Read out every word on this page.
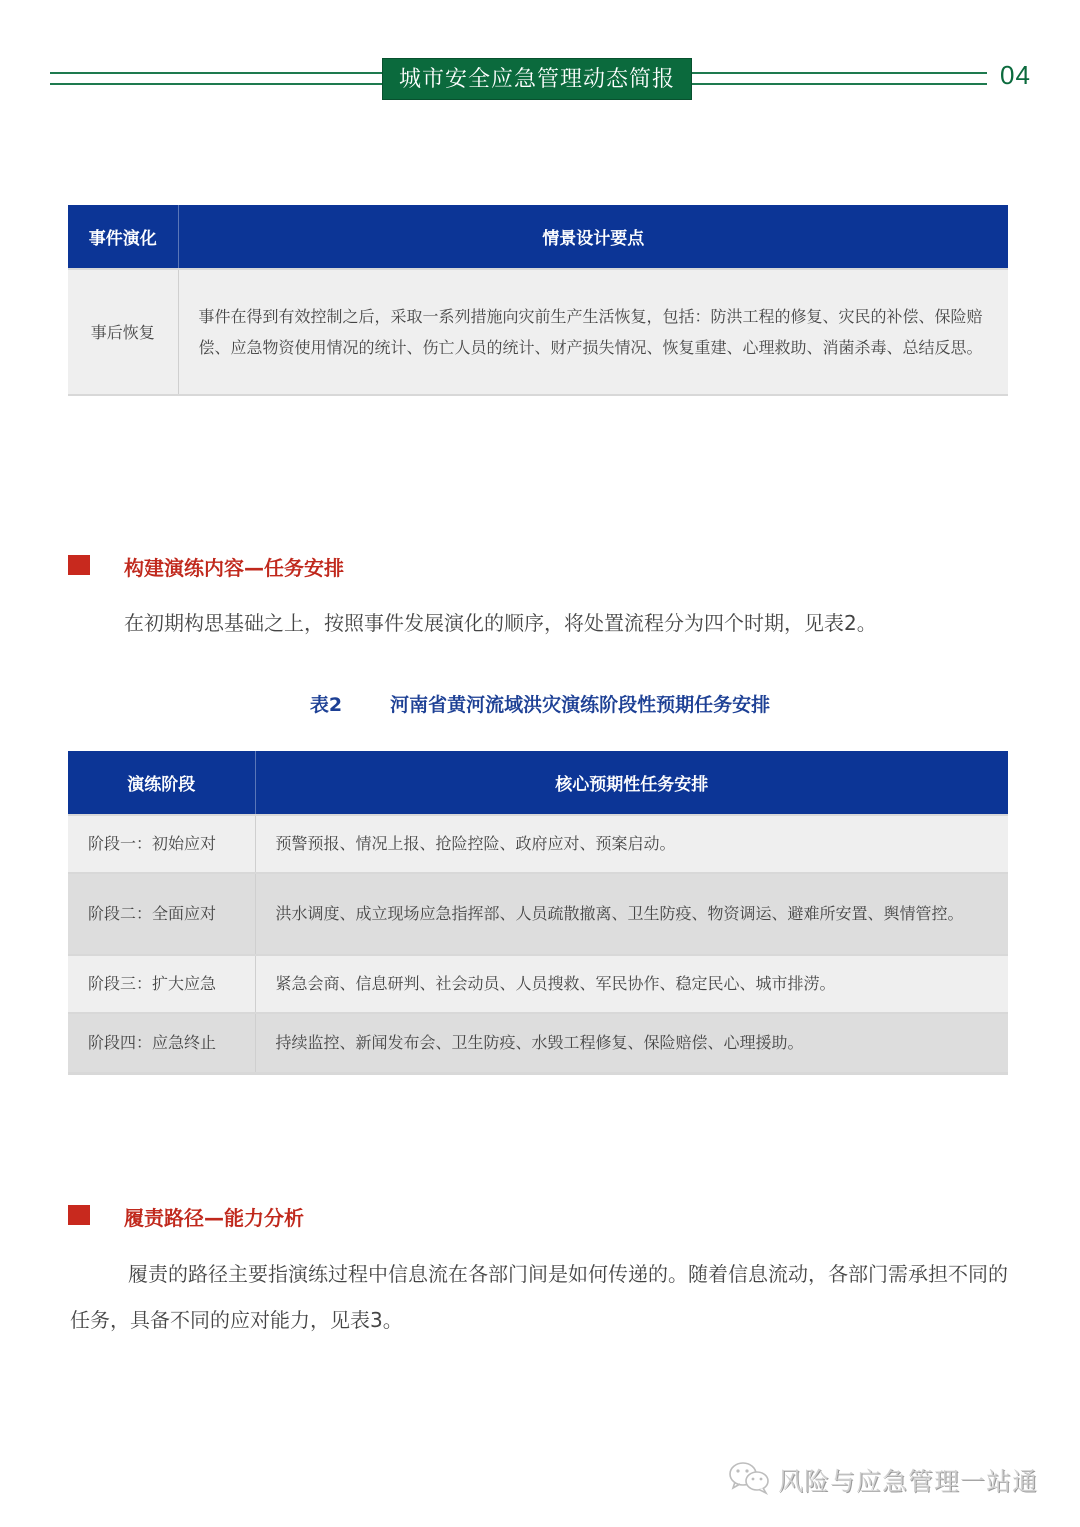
城市安全应急管理动态简报	04
事件演化	情景设计要点
事后恢复	事件在得到有效控制之后，采取一系列措施向灾前生产生活恢复，包括：防洪工程的修复、灾民的补偿、保险赔偿、应急物资使用情况的统计、伤亡人员的统计、财产损失情况、恢复重建、心理救助、消菌杀毒、总结反思。
构建演练内容—任务安排
在初期构思基础之上，按照事件发展演化的顺序，将处置流程分为四个时期，见表2。
表2	河南省黄河流域洪灾演练阶段性预期任务安排
演练阶段	核心预期性任务安排
阶段一：初始应对	预警预报、情况上报、抢险控险、政府应对、预案启动。
阶段二：全面应对	洪水调度、成立现场应急指挥部、人员疏散撤离、卫生防疫、物资调运、避难所安置、舆情管控。
阶段三：扩大应急	紧急会商、信息研判、社会动员、人员搜救、军民协作、稳定民心、城市排涝。
阶段四：应急终止	持续监控、新闻发布会、卫生防疫、水毁工程修复、保险赔偿、心理援助。
履责路径—能力分析
履责的路径主要指演练过程中信息流在各部门间是如何传递的。随着信息流动，各部门需承担不同的任务，具备不同的应对能力，见表3。
风险与应急管理一站通
